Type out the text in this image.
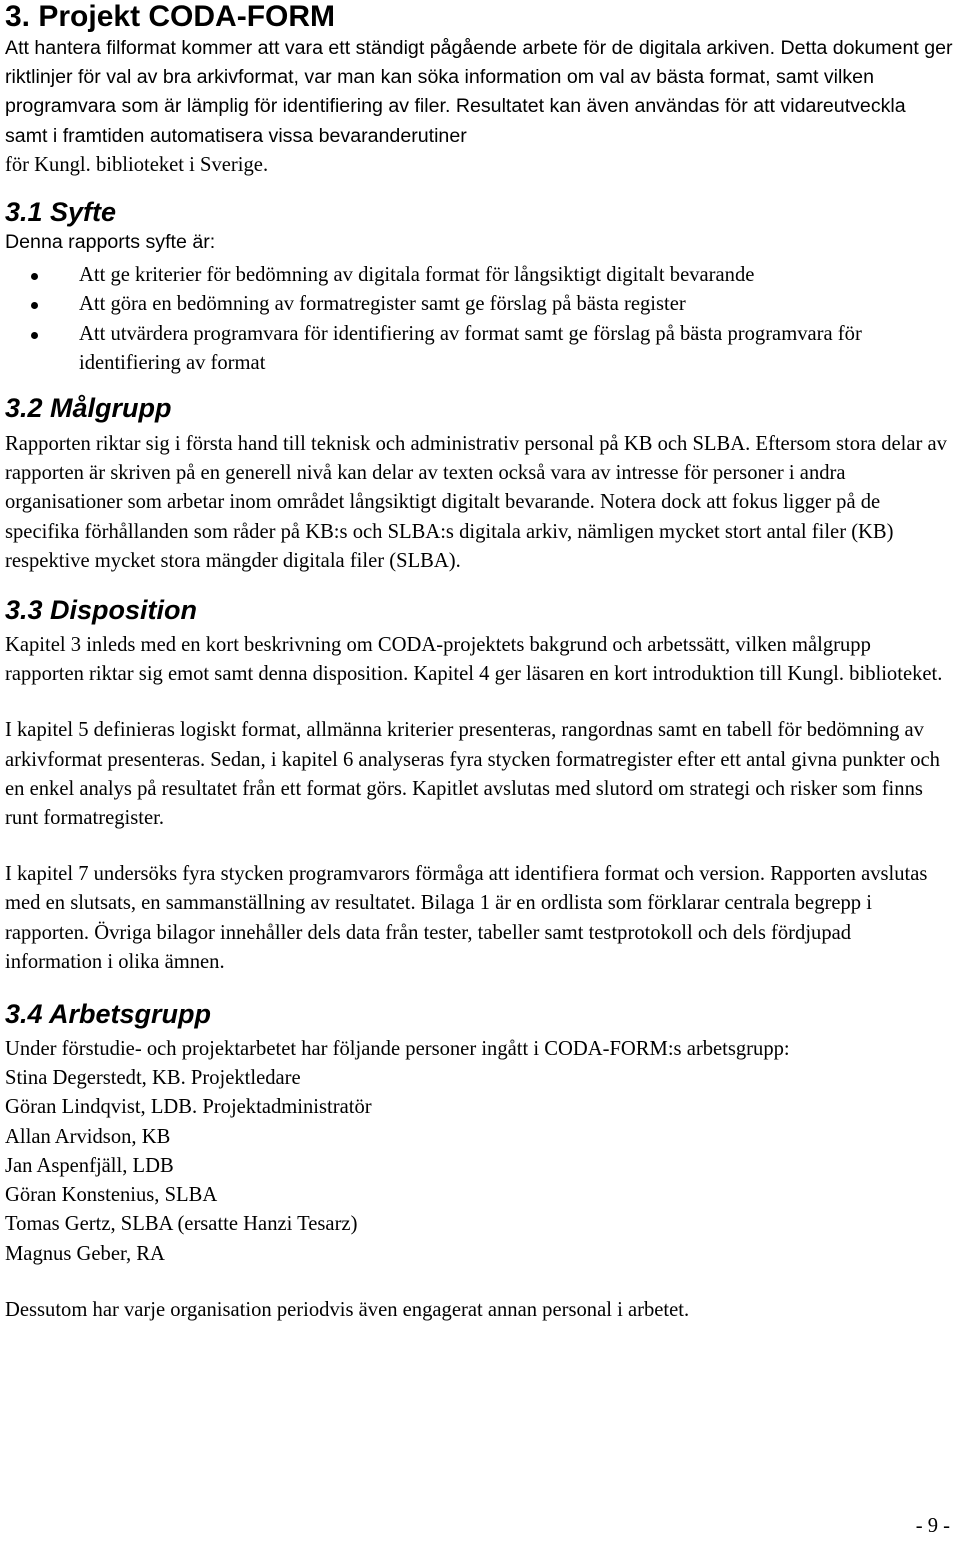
3. Projekt CODA-FORM

Att hantera filformat kommer att vara ett ständigt pågående arbete för de digitala arkiven. Detta dokument ger riktlinjer för val av bra arkivformat, var man kan söka information om val av bästa format, samt vilken programvara som är lämplig för identifiering av filer. Resultatet kan även användas för att vidareutveckla samt i framtiden automatisera vissa bevaranderutiner

för Kungl. biblioteket i Sverige.

3.1 Syfte

Denna rapports syfte är:

Att ge kriterier för bedömning av digitala format för långsiktigt digitalt bevarande
Att göra en bedömning av formatregister samt ge förslag på bästa register
Att utvärdera programvara för identifiering av format samt ge förslag på bästa programvara för identifiering av format
3.2 Målgrupp

Rapporten riktar sig i första hand till teknisk och administrativ personal på KB och SLBA. Eftersom stora delar av rapporten är skriven på en generell nivå kan delar av texten också vara av intresse för personer i andra organisationer som arbetar inom området långsiktigt digitalt bevarande. Notera dock att fokus ligger på de specifika förhållanden som råder på KB:s och SLBA:s digitala arkiv, nämligen mycket stort antal filer (KB) respektive mycket stora mängder digitala filer (SLBA).

3.3 Disposition

Kapitel 3 inleds med en kort beskrivning om CODA-projektets bakgrund och arbetssätt, vilken målgrupp rapporten riktar sig emot samt denna disposition. Kapitel 4 ger läsaren en kort introduktion till Kungl. biblioteket.

I kapitel 5 definieras logiskt format, allmänna kriterier presenteras, rangordnas samt en tabell för bedömning av arkivformat presenteras. Sedan, i kapitel 6 analyseras fyra stycken formatregister efter ett antal givna punkter och en enkel analys på resultatet från ett format görs. Kapitlet avslutas med slutord om strategi och risker som finns runt formatregister.

I kapitel 7 undersöks fyra stycken programvarors förmåga att identifiera format och version. Rapporten avslutas med en slutsats, en sammanställning av resultatet. Bilaga 1 är en ordlista som förklarar centrala begrepp i rapporten. Övriga bilagor innehåller dels data från tester, tabeller samt testprotokoll och dels fördjupad information i olika ämnen.

3.4 Arbetsgrupp

Under förstudie- och projektarbetet har följande personer ingått i CODA-FORM:s arbetsgrupp:

Stina Degerstedt, KB. Projektledare

Göran Lindqvist, LDB. Projektadministratör

Allan Arvidson, KB

Jan Aspenfjäll, LDB

Göran Konstenius, SLBA

Tomas Gertz, SLBA (ersatte Hanzi Tesarz)

Magnus Geber, RA

Dessutom har varje organisation periodvis även engagerat annan personal i arbetet.

- 9 -
